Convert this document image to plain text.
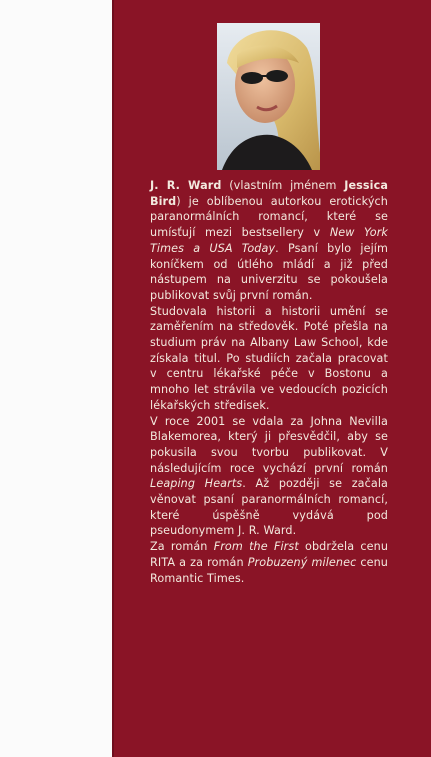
J. R. Ward (vlastním jménem Jessica Bird) je oblíbenou autorkou erotických paranormálních romancí, které se umísťují mezi bestsellery v New York Times a USA Today. Psaní bylo jejím koníčkem od útlého mládí a již před nástupem na univerzitu se pokoušela publikovat svůj první román.

Studovala historii a historii umění se zaměřením na středověk. Poté přešla na studium práv na Albany Law School, kde získala titul. Po studiích začala pracovat v centru lékařské péče v Bostonu a mnoho let strávila ve vedoucích pozicích lékařských středisek.

V roce 2001 se vdala za Johna Nevilla Blakemorea, který ji přesvědčil, aby se pokusila svou tvorbu publikovat. V následujícím roce vychází první román Leaping Hearts. Až později se začala věnovat psaní paranormálních romancí, které úspěšně vydává pod pseudonymem J. R. Ward.

Za román From the First obdržela cenu RITA a za román Probuzený milenec cenu Romantic Times.
